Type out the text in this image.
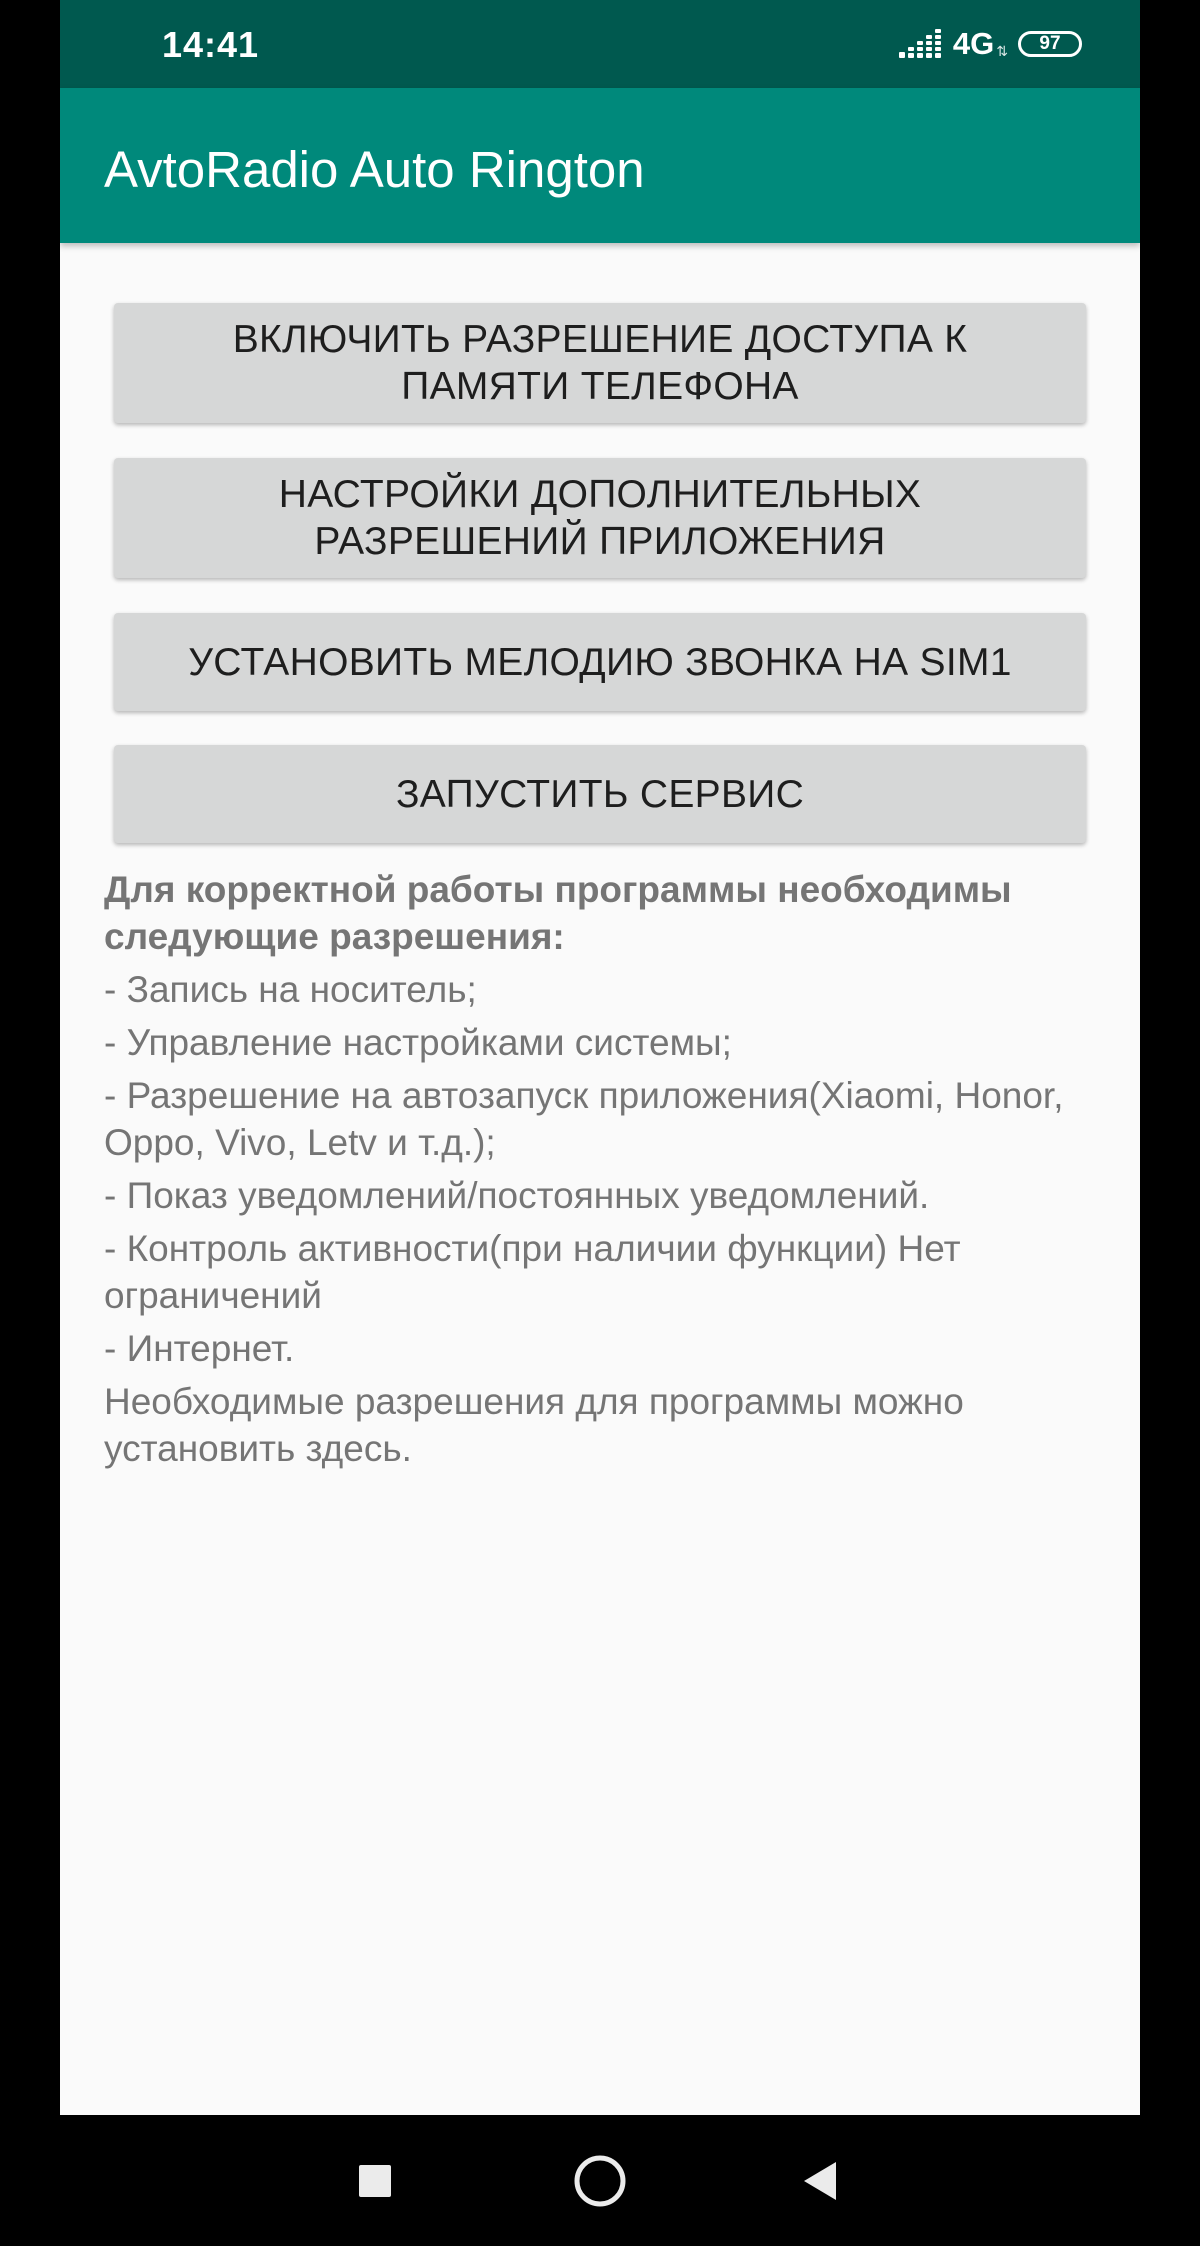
14:41	4G ⇅ 97
AvtoRadio Auto Rington
ВКЛЮЧИТЬ РАЗРЕШЕНИЕ ДОСТУПА К ПАМЯТИ ТЕЛЕФОНА
НАСТРОЙКИ ДОПОЛНИТЕЛЬНЫХ РАЗРЕШЕНИЙ ПРИЛОЖЕНИЯ
УСТАНОВИТЬ МЕЛОДИЮ ЗВОНКА НА SIM1
ЗАПУСТИТЬ СЕРВИС
Для корректной работы программы необходимы следующие разрешения:
- Запись на носитель;
- Управление настройками системы;
- Разрешение на автозапуск приложения(Xiaomi, Honor, Oppo, Vivo, Letv и т.д.);
- Показ уведомлений/постоянных уведомлений.
- Контроль активности(при наличии функции) Нет ограничений
- Интернет.
Необходимые разрешения для программы можно установить здесь.
